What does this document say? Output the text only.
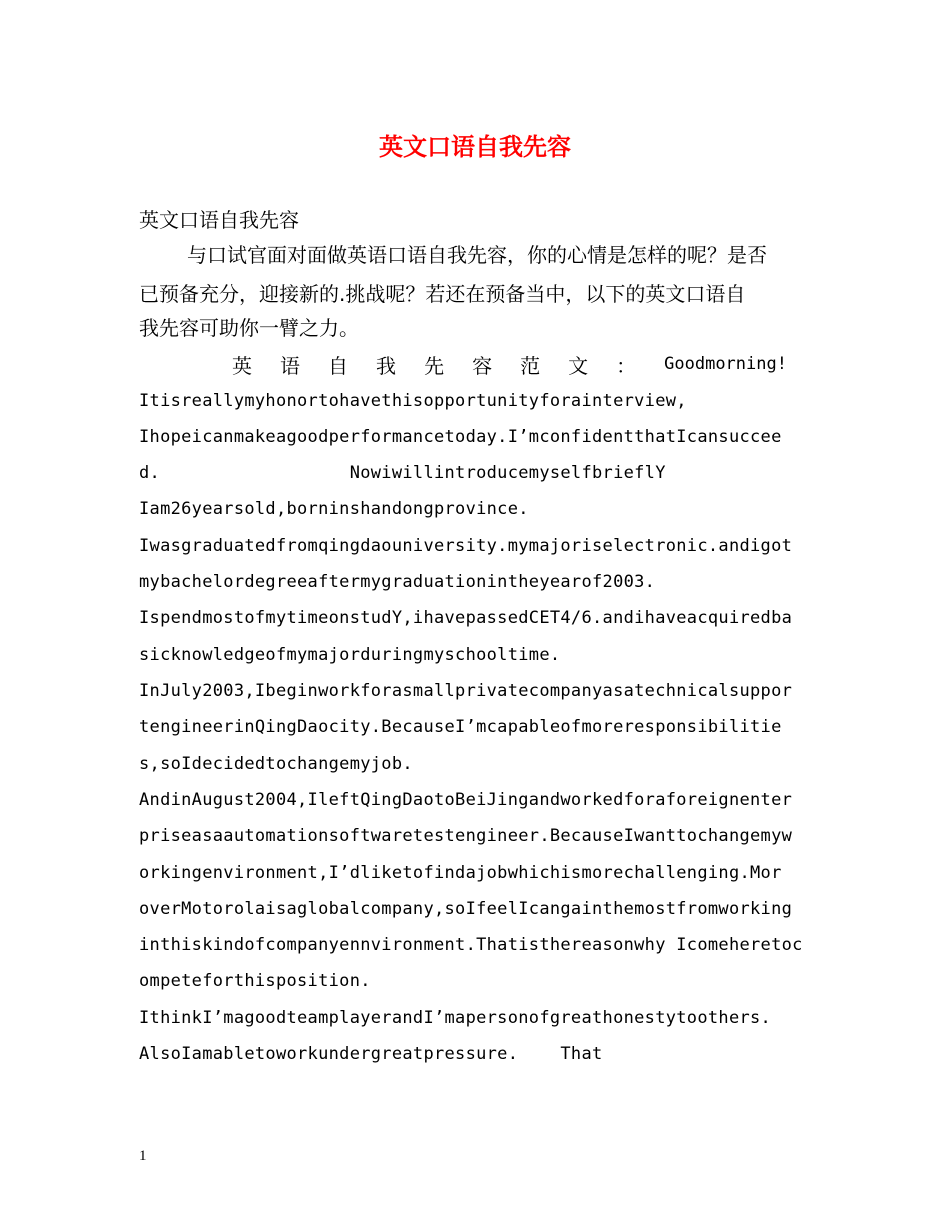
英文口语自我先容
英文口语自我先容
与口试官面对面做英语口语自我先容，你的心情是怎样的呢？是否
已预备充分，迎接新的.挑战呢？若还在预备当中，以下的英文口语自
我先容可助你一臂之力。
英 语 自 我 先 容 范 文 ： Goodmorning!
Itisreallymyhonortohavethisopportunityforainterview,
Ihopeicanmakeagoodperformancetoday.I’mconfidentthatIcansuccee
d.                  NowiwillintroducemyselfbrieflY
Iam26yearsold,borninshandongprovince.
Iwasgraduatedfromqingdaouniversity.mymajoriselectronic.andigot
mybachelordegreeaftermygraduationintheyearof2003.
IspendmostofmytimeonstudY,ihavepassedCET4/6.andihaveacquiredba
sicknowledgeofmymajorduringmyschooltime.
InJuly2003,Ibeginworkforasmallprivatecompanyasatechnicalsuppor
tengineerinQingDaocity.BecauseI’mcapableofmoreresponsibilitie
s,soIdecidedtochangemyjob.
AndinAugust2004,IleftQingDaotoBeiJingandworkedforaforeignenter
priseasaautomationsoftwaretestengineer.BecauseIwanttochangemyw
orkingenvironment,I’dliketofindajobwhichismorechallenging.Mor
overMotorolaisaglobalcompany,soIfeelIcangainthemostfromworking
inthiskindofcompanyennvironment.Thatisthereasonwhy Icomeheretoc
ompeteforthisposition.
IthinkI’magoodteamplayerandI’mapersonofgreathonestytoothers.
AlsoIamabletoworkundergreatpressure.    That
1
